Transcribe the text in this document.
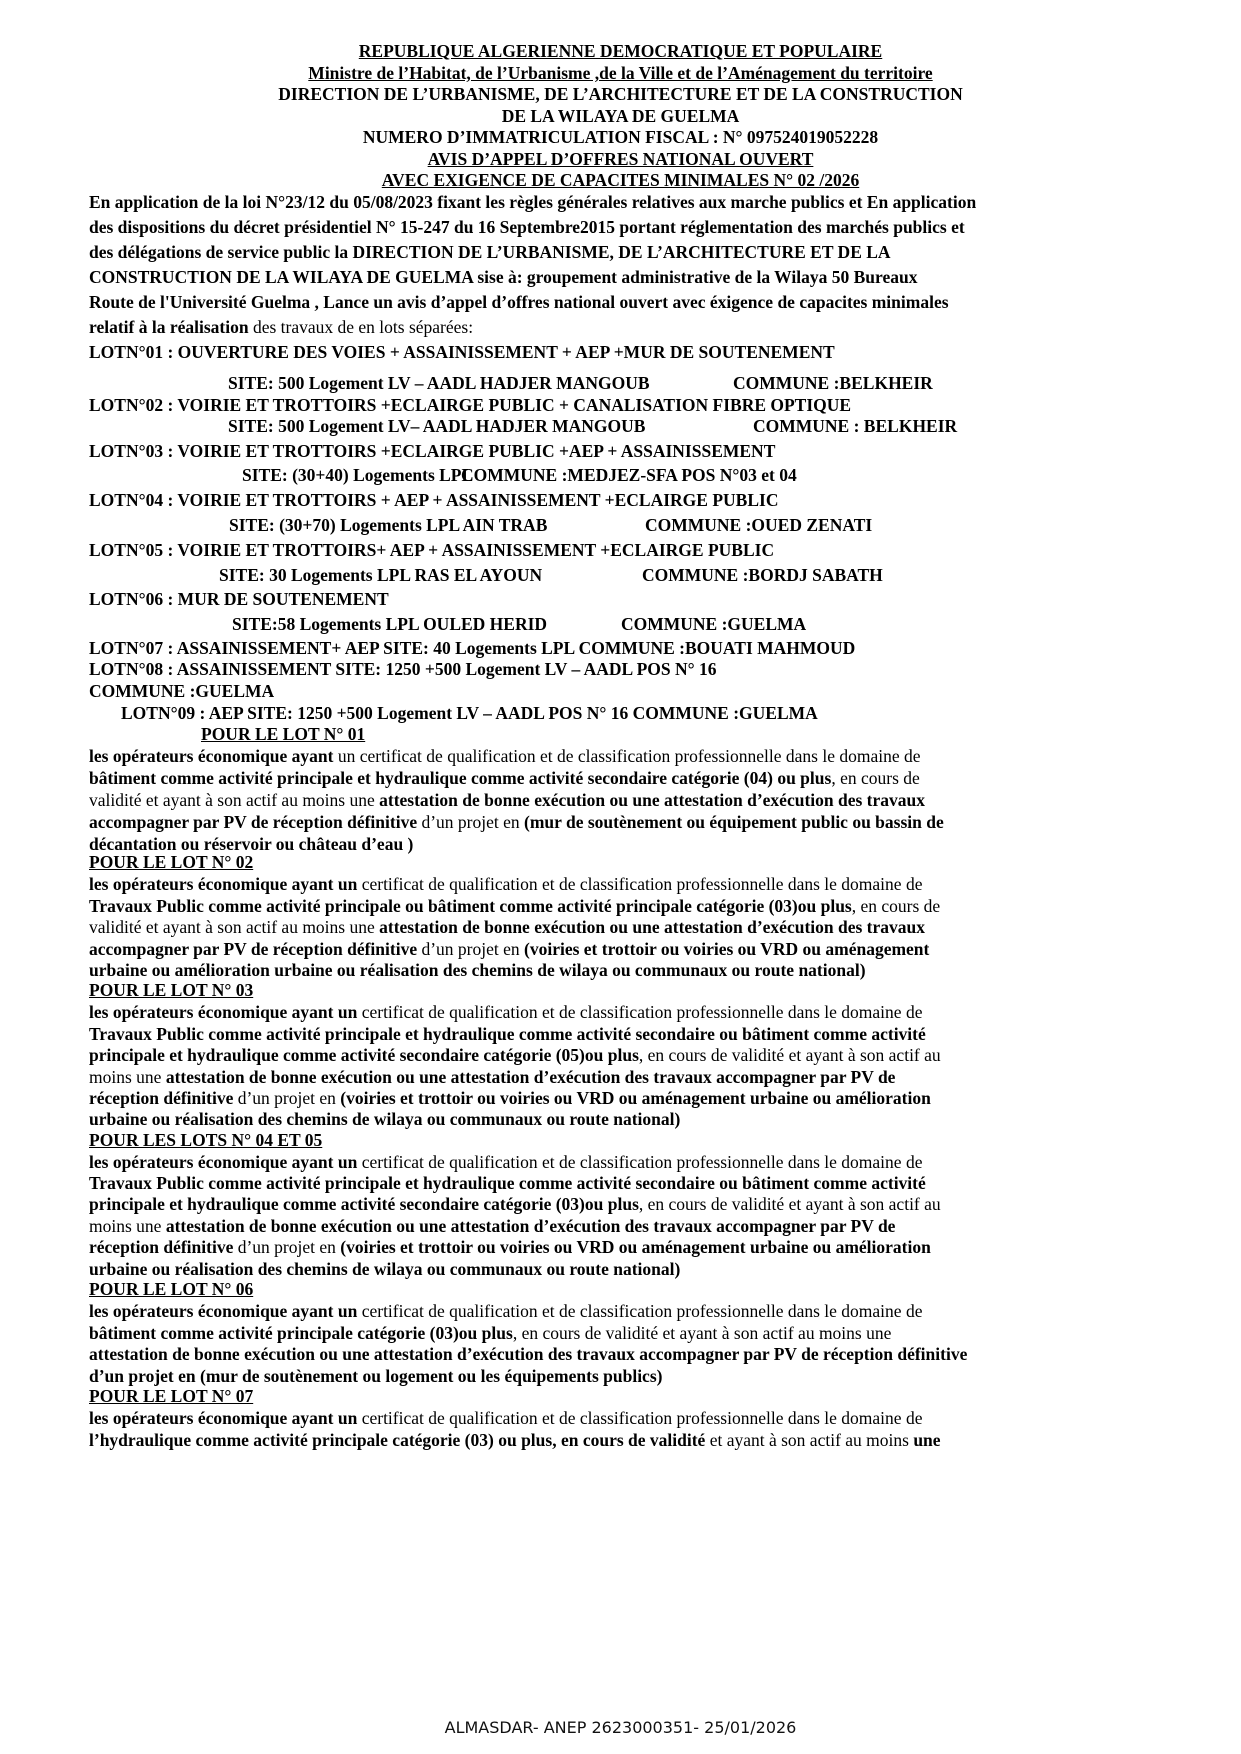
REPUBLIQUE ALGERIENNE DEMOCRATIQUE ET POPULAIRE
Ministre de l’Habitat, de l’Urbanisme ,de la Ville et de l’Aménagement du territoire
DIRECTION DE L’URBANISME, DE L’ARCHITECTURE ET DE LA CONSTRUCTION
DE LA WILAYA DE GUELMA
NUMERO D’IMMATRICULATION FISCAL : N° 097524019052228
AVIS D’APPEL D’OFFRES NATIONAL OUVERT
AVEC EXIGENCE DE CAPACITES MINIMALES N° 02 /2026
En application de la loi N°23/12 du 05/08/2023 fixant les règles générales relatives aux marche publics et En application
des dispositions du décret présidentiel N° 15-247 du 16 Septembre2015 portant réglementation des marchés publics et
des délégations de service public la DIRECTION DE L’URBANISME, DE L’ARCHITECTURE ET DE LA
CONSTRUCTION DE LA WILAYA DE GUELMA sise à: groupement administrative de la Wilaya 50 Bureaux
Route de l'Université Guelma , Lance un avis d’appel d’offres national ouvert avec éxigence de capacites minimales
relatif à la réalisation des travaux de en lots séparées:
LOTN°01 : OUVERTURE DES VOIES + ASSAINISSEMENT + AEP +MUR DE SOUTENEMENT
SITE: 500 Logement LV – AADL HADJER MANGOUB	COMMUNE :BELKHEIR
LOTN°02 : VOIRIE ET TROTTOIRS +ECLAIRGE PUBLIC + CANALISATION FIBRE OPTIQUE
SITE: 500 Logement LV– AADL HADJER MANGOUB	COMMUNE : BELKHEIR
LOTN°03 : VOIRIE ET TROTTOIRS +ECLAIRGE PUBLIC +AEP + ASSAINISSEMENT
SITE: (30+40) Logements LPL
COMMUNE :MEDJEZ-SFA POS N°03 et 04
LOTN°04 : VOIRIE ET TROTTOIRS + AEP + ASSAINISSEMENT +ECLAIRGE PUBLIC
SITE: (30+70) Logements LPL AIN TRAB	COMMUNE :OUED ZENATI
LOTN°05 : VOIRIE ET TROTTOIRS+ AEP + ASSAINISSEMENT +ECLAIRGE PUBLIC
SITE: 30 Logements LPL RAS EL AYOUN	COMMUNE :BORDJ SABATH
LOTN°06 : MUR DE SOUTENEMENT
SITE:58 Logements LPL OULED HERID	COMMUNE :GUELMA
LOTN°07 : ASSAINISSEMENT+ AEP SITE: 40 Logements LPL COMMUNE :BOUATI MAHMOUD
LOTN°08 : ASSAINISSEMENT SITE: 1250 +500 Logement LV – AADL POS N° 16
COMMUNE :GUELMA
LOTN°09 : AEP SITE: 1250 +500 Logement LV – AADL POS N° 16 COMMUNE :GUELMA
POUR LE LOT N° 01
les opérateurs économique ayant un certificat de qualification et de classification professionnelle dans le domaine de
bâtiment comme activité principale et hydraulique comme activité secondaire catégorie (04) ou plus, en cours de
validité et ayant à son actif au moins une attestation de bonne exécution ou une attestation d’exécution des travaux
accompagner par PV de réception définitive d’un projet en (mur de soutènement ou équipement public ou bassin de
décantation ou réservoir ou château d’eau )
POUR LE LOT N° 02
les opérateurs économique ayant un certificat de qualification et de classification professionnelle dans le domaine de
Travaux Public comme activité principale ou bâtiment comme activité principale catégorie (03)ou plus, en cours de
validité et ayant à son actif au moins une attestation de bonne exécution ou une attestation d’exécution des travaux
accompagner par PV de réception définitive d’un projet en (voiries et trottoir ou voiries ou VRD ou aménagement
urbaine ou amélioration urbaine ou réalisation des chemins de wilaya ou communaux ou route national)
POUR LE LOT N° 03
les opérateurs économique ayant un certificat de qualification et de classification professionnelle dans le domaine de
Travaux Public comme activité principale et hydraulique comme activité secondaire ou bâtiment comme activité
principale et hydraulique comme activité secondaire catégorie (05)ou plus, en cours de validité et ayant à son actif au
moins une attestation de bonne exécution ou une attestation d’exécution des travaux accompagner par PV de
réception définitive d’un projet en (voiries et trottoir ou voiries ou VRD ou aménagement urbaine ou amélioration
urbaine ou réalisation des chemins de wilaya ou communaux ou route national)
POUR LES LOTS N° 04 ET 05
les opérateurs économique ayant un certificat de qualification et de classification professionnelle dans le domaine de
Travaux Public comme activité principale et hydraulique comme activité secondaire ou bâtiment comme activité
principale et hydraulique comme activité secondaire catégorie (03)ou plus, en cours de validité et ayant à son actif au
moins une attestation de bonne exécution ou une attestation d’exécution des travaux accompagner par PV de
réception définitive d’un projet en (voiries et trottoir ou voiries ou VRD ou aménagement urbaine ou amélioration
urbaine ou réalisation des chemins de wilaya ou communaux ou route national)
POUR LE LOT N° 06
les opérateurs économique ayant un certificat de qualification et de classification professionnelle dans le domaine de
bâtiment comme activité principale catégorie (03)ou plus, en cours de validité et ayant à son actif au moins une
attestation de bonne exécution ou une attestation d’exécution des travaux accompagner par PV de réception définitive
d’un projet en (mur de soutènement ou logement ou les équipements publics)
POUR LE LOT N° 07
les opérateurs économique ayant un certificat de qualification et de classification professionnelle dans le domaine de
l’hydraulique comme activité principale catégorie (03) ou plus, en cours de validité et ayant à son actif au moins une
ALMASDAR- ANEP 2623000351- 25/01/2026
